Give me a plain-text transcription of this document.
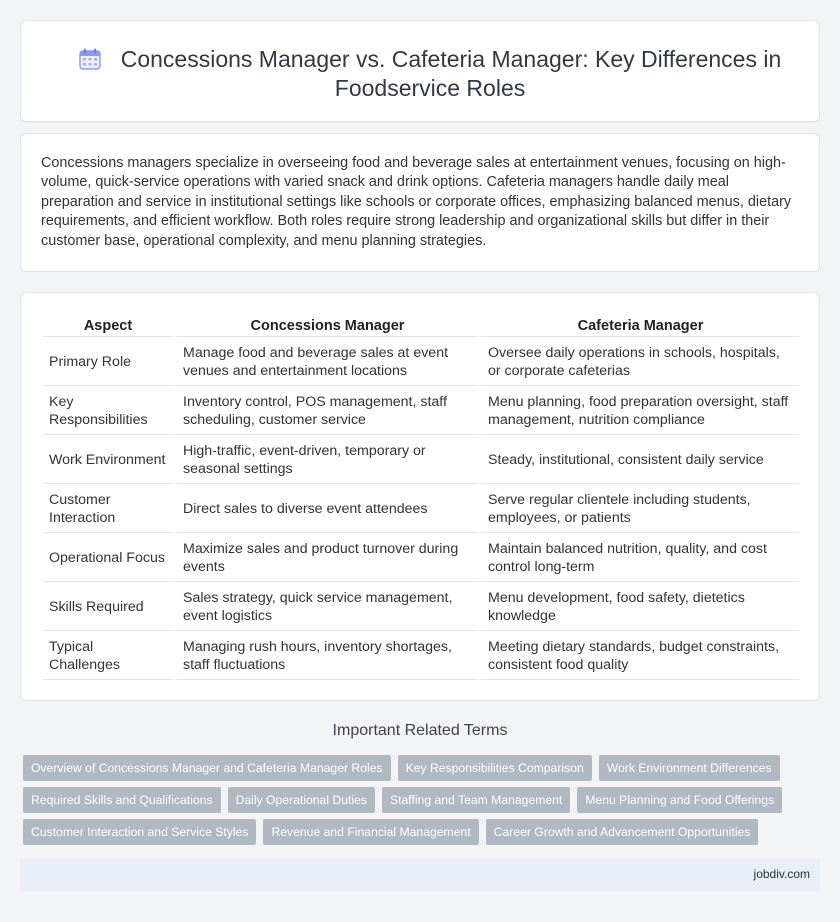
Concessions Manager vs. Cafeteria Manager: Key Differences in Foodservice Roles

Concessions managers specialize in overseeing food and beverage sales at entertainment venues, focusing on high-volume, quick-service operations with varied snack and drink options. Cafeteria managers handle daily meal preparation and service in institutional settings like schools or corporate offices, emphasizing balanced menus, dietary requirements, and efficient workflow. Both roles require strong leadership and organizational skills but differ in their customer base, operational complexity, and menu planning strategies.

Aspect	Concessions Manager	Cafeteria Manager
Primary Role	Manage food and beverage sales at event venues and entertainment locations	Oversee daily operations in schools, hospitals, or corporate cafeterias
Key Responsibilities	Inventory control, POS management, staff scheduling, customer service	Menu planning, food preparation oversight, staff management, nutrition compliance
Work Environment	High-traffic, event-driven, temporary or seasonal settings	Steady, institutional, consistent daily service
Customer Interaction	Direct sales to diverse event attendees	Serve regular clientele including students, employees, or patients
Operational Focus	Maximize sales and product turnover during events	Maintain balanced nutrition, quality, and cost control long-term
Skills Required	Sales strategy, quick service management, event logistics	Menu development, food safety, dietetics knowledge
Typical Challenges	Managing rush hours, inventory shortages, staff fluctuations	Meeting dietary standards, budget constraints, consistent food quality
Important Related Terms
Overview of Concessions Manager and Cafeteria Manager Roles	Key Responsibilities Comparison	Work Environment Differences
Required Skills and Qualifications	Daily Operational Duties	Staffing and Team Management	Menu Planning and Food Offerings
Customer Interaction and Service Styles	Revenue and Financial Management	Career Growth and Advancement Opportunities
jobdiv.com
